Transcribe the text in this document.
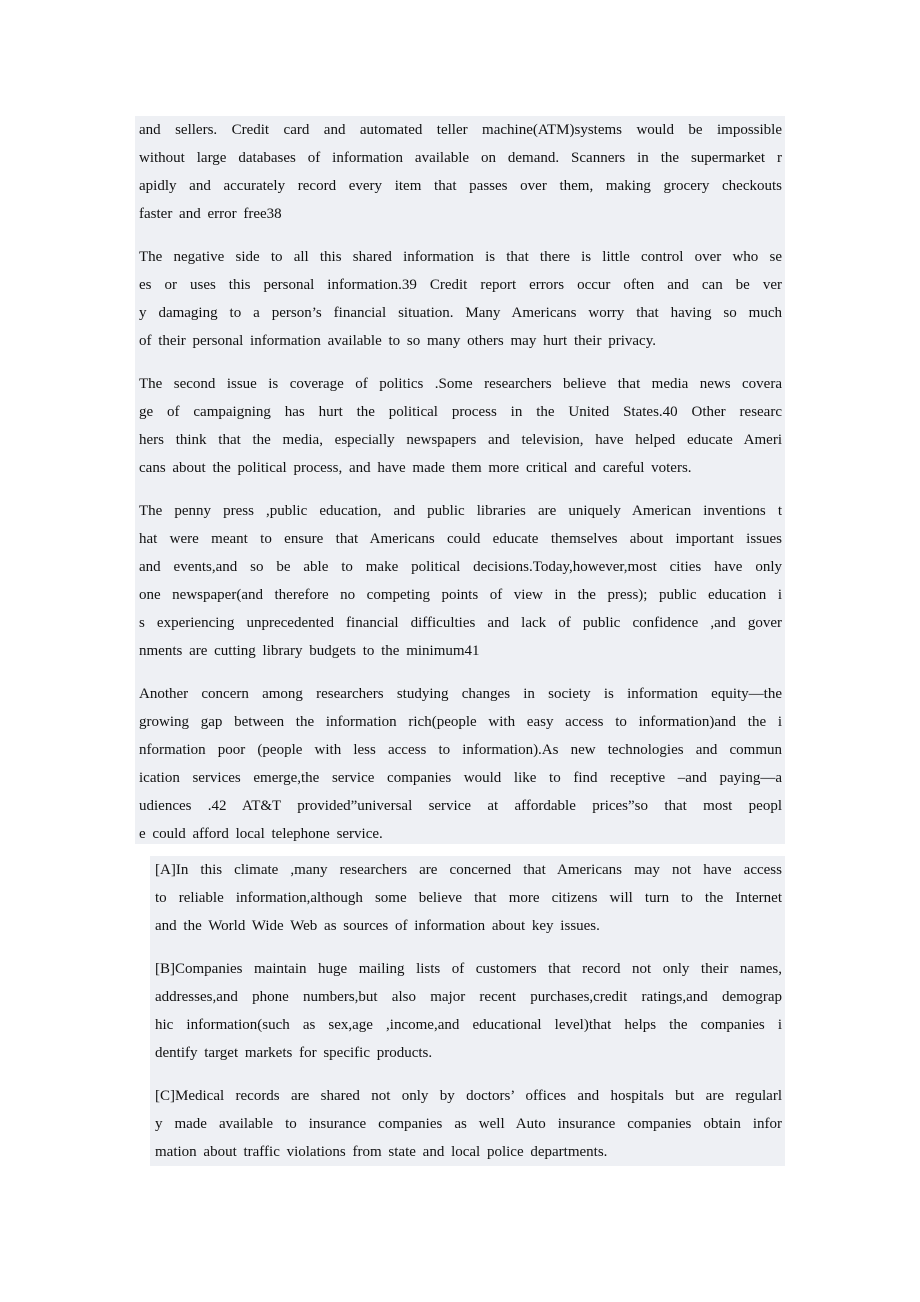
and sellers. Credit card and automated teller machine(ATM)systems would be impossible
without large databases of information available on demand. Scanners in the supermarket r
apidly and accurately record every item that passes over them, making grocery checkouts
faster and error free38
The negative side to all this shared information is that there is little control over who se
es or uses this personal information.39 Credit report errors occur often and can be ver
y damaging to a person’s financial situation. Many Americans worry that having so much
of their personal information available to so many others may hurt their privacy.
The second issue is coverage of politics .Some researchers believe that media news covera
ge of campaigning has hurt the political process in the United States.40 Other researc
hers think that the media, especially newspapers and television, have helped educate Ameri
cans about the political process, and have made them more critical and careful voters.
The penny press ,public education, and public libraries are uniquely American inventions t
hat were meant to ensure that Americans could educate themselves about important issues
and events,and so be able to make political decisions.Today,however,most cities have only
one newspaper(and therefore no competing points of view in the press); public education i
s experiencing unprecedented financial difficulties and lack of public confidence ,and gover
nments are cutting library budgets to the minimum41
Another concern among researchers studying changes in society is information equity—the
growing gap between the information rich(people with easy access to information)and the i
nformation poor (people with less access to information).As new technologies and commun
ication services emerge,the service companies would like to find receptive –and paying—a
udiences .42 AT&T provided”universal service at affordable prices”so that most peopl
e could afford local telephone service.
[A]In this climate ,many researchers are concerned that Americans may not have access
to reliable information,although some believe that more citizens will turn to the Internet
and the World Wide Web as sources of information about key issues.
[B]Companies maintain huge mailing lists of customers that record not only their names,
addresses,and phone numbers,but also major recent purchases,credit ratings,and demograp
hic information(such as sex,age ,income,and educational level)that helps the companies i
dentify target markets for specific products.
[C]Medical records are shared not only by doctors’ offices and hospitals but are regularl
y made available to insurance companies as well Auto insurance companies obtain infor
mation about traffic violations from state and local police departments.
